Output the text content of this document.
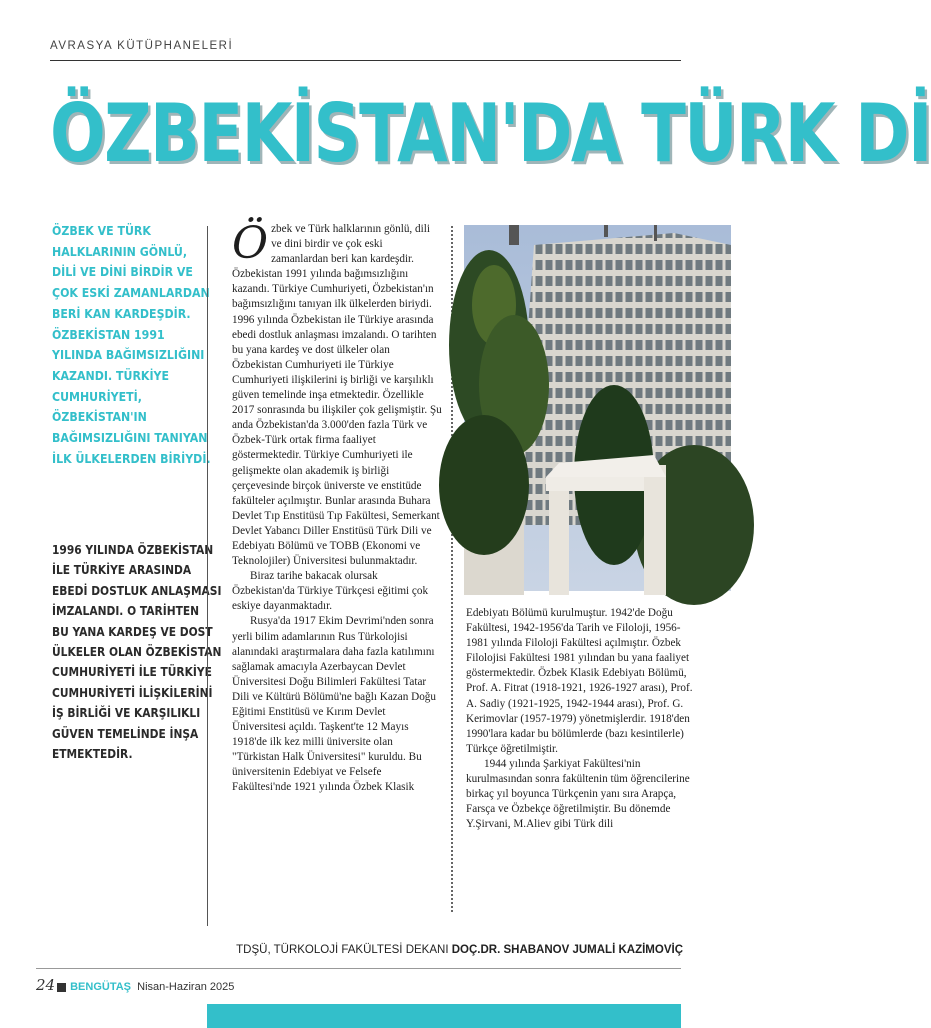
AVRASYA KÜTÜPHANELERİ
ÖZBEKİSTAN'DA TÜRK Dİ
ÖZBEK VE TÜRK
HALKLARININ GÖNLÜ,
DİLİ VE DİNİ BİRDİR VE
ÇOK ESKİ ZAMANLARDAN
BERİ KAN KARDEŞDİR.
ÖZBEKİSTAN 1991
YILINDA BAĞIMSIZLIĞINI
KAZANDI. TÜRKİYE
CUMHURİYETİ,
ÖZBEKİSTAN'IN
BAĞIMSIZLIĞINI TANIYAN
İLK ÜLKELERDEN BİRİYDİ.
1996 YILINDA ÖZBEKİSTAN
İLE TÜRKİYE ARASINDA
EBEDİ DOSTLUK ANLAŞMASI
İMZALANDI. O TARİHTEN
BU YANA KARDEŞ VE DOST
ÜLKELER OLAN ÖZBEKİSTAN
CUMHURİYETİ İLE TÜRKİYE
CUMHURİYETİ İLİŞKİLERİNİ
İŞ BİRLİĞİ VE KARŞILIKLI
GÜVEN TEMELİNDE İNŞA
ETMEKTEDİR.
Ö zbek ve Türk halklarının gönlü, dili ve dini birdir ve çok eski zamanlardan beri kan kardeşdir. Özbekistan 1991 yılında bağımsızlığını kazandı. Türkiye Cumhuriyeti, Özbekistan'ın bağımsızlığını tanıyan ilk ülkelerden biriydi. 1996 yılında Özbekistan ile Türkiye arasında ebedi dostluk anlaşması imzalandı. O tarihten bu yana kardeş ve dost ülkeler olan Özbekistan Cumhuriyeti ile Türkiye Cumhuriyeti ilişkilerini iş birliği ve karşılıklı güven temelinde inşa etmektedir. Özellikle 2017 sonrasında bu ilişkiler çok gelişmiştir. Şu anda Özbekistan'da 3.000'den fazla Türk ve Özbek-Türk ortak firma faaliyet göstermektedir. Türkiye Cumhuriyeti ile gelişmekte olan akademik iş birliği çerçevesinde birçok üniverste ve enstitüde fakülteler açılmıştır. Bunlar arasında Buhara Devlet Tıp Enstitüsü Tıp Fakültesi, Semerkant Devlet Yabancı Diller Enstitüsü Türk Dili ve Edebiyatı Bölümü ve TOBB (Ekonomi ve Teknolojiler) Üniversitesi bulunmaktadır.

Biraz tarihe bakacak olursak Özbekistan'da Türkiye Türkçesi eğitimi çok eskiye dayanmaktadır.

Rusya'da 1917 Ekim Devrimi'nden sonra yerli bilim adamlarının Rus Türkolojisi alanındaki araştırmalara daha fazla katılımını sağlamak amacıyla Azerbaycan Devlet Üniversitesi Doğu Bilimleri Fakültesi Tatar Dili ve Kültürü Bölümü'ne bağlı Kazan Doğu Eğitimi Enstitüsü ve Kırım Devlet Üniversitesi açıldı. Taşkent'te 12 Mayıs 1918'de ilk kez milli üniversite olan "Türkistan Halk Üniversitesi" kuruldu. Bu üniversitenin Edebiyat ve Felsefe Fakültesi'nde 1921 yılında Özbek Klasik

Edebiyatı Bölümü kurulmuştur. 1942'de Doğu Fakültesi, 1942-1956'da Tarih ve Filoloji, 1956-1981 yılında Filoloji Fakültesi açılmıştır. Özbek Filolojisi Fakültesi 1981 yılından bu yana faaliyet göstermektedir. Özbek Klasik Edebiyatı Bölümü, Prof. A. Fitrat (1918-1921, 1926-1927 arası), Prof. A. Sadiy (1921-1925, 1942-1944 arası), Prof. G. Kerimovlar (1957-1979) yönetmişlerdir. 1918'den 1990'lara kadar bu bölümlerde (bazı kesintilerle) Türkçe öğretilmiştir.

1944 yılında Şarkiyat Fakültesi'nin kurulmasından sonra fakültenin tüm öğrencilerine birkaç yıl boyunca Türkçenin yanı sıra Arapça, Farsça ve Özbekçe öğretilmiştir. Bu dönemde Y.Şirvani, M.Aliev gibi Türk dili

TDŞÜ, TÜRKOLOJİ FAKÜLTESİ DEKANI DOÇ.DR. SHABANOV JUMALİ KAZİMOVİÇ
24 BENGÜTAŞ Nisan-Haziran 2025
